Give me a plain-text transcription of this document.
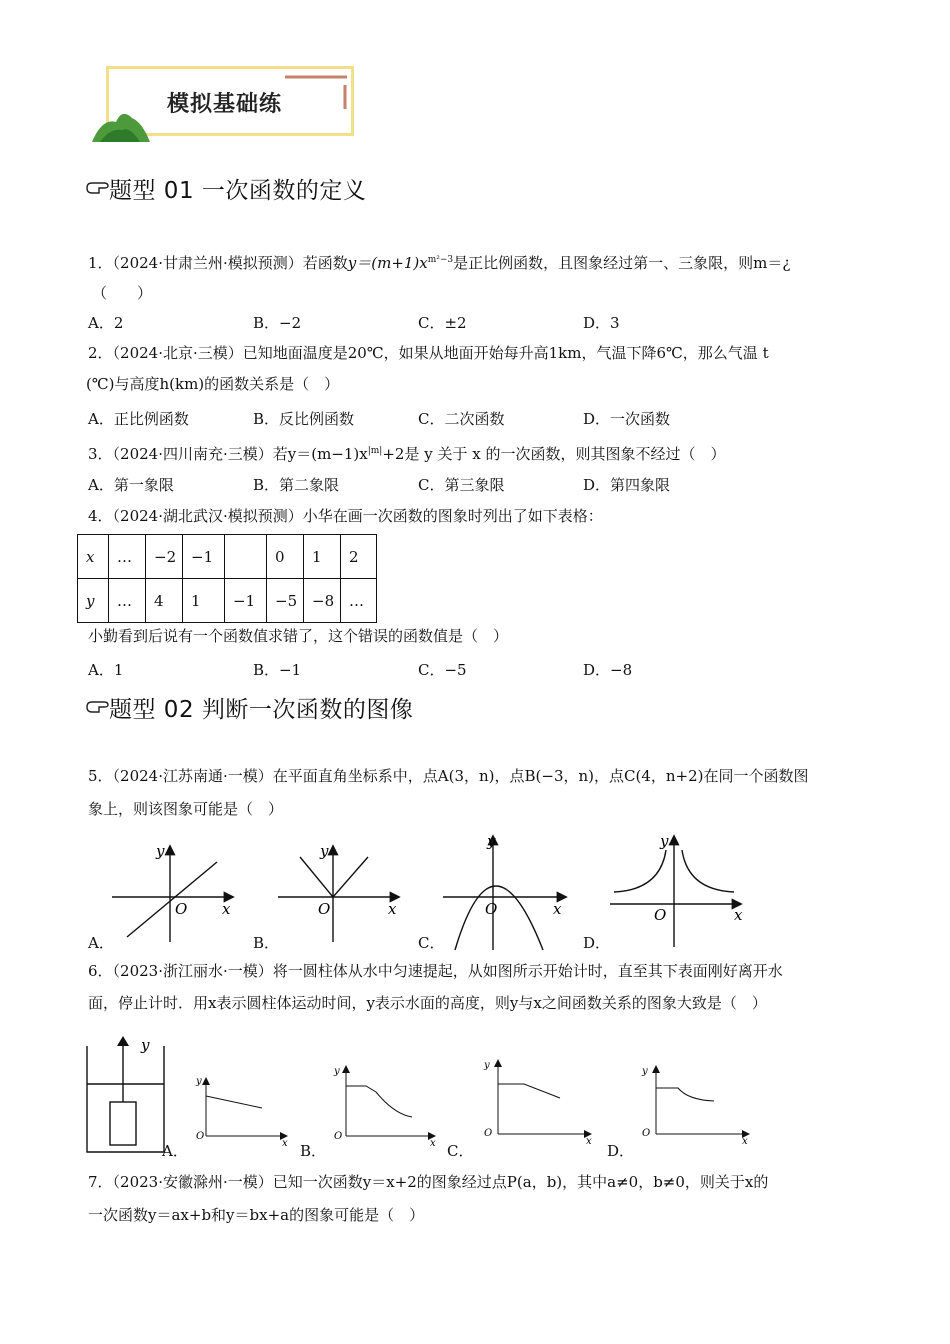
模拟基础练
题型 01 一次函数的定义
1．（2024·甘肃兰州·模拟预测）若函数$y=(m+1)x^{m^2-3}$是正比例函数，且图象经过第一、三象限，则m＝¿
（　　）
A．2	B．−2	C．±2	D．3
2．（2024·北京·三模）已知地面温度是20℃，如果从地面开始每升高1km，气温下降6℃，那么气温 t
(℃)与高度h(km)的函数关系是（　）
A．正比例函数	B．反比例函数	C．二次函数	D．一次函数
3．（2024·四川南充·三模）若$y=(m-1)x^{|m|}+2$是 y 关于 x 的一次函数，则其图象不经过（　）
A．第一象限	B．第二象限	C．第三象限	D．第四象限
4．（2024·湖北武汉·模拟预测）小华在画一次函数的图象时列出了如下表格：
x	…	−2	−1		0	1	2
y	…	4	1	−1	−5	−8	…
小勤看到后说有一个函数值求错了，这个错误的函数值是（　）
A．1	B．−1	C．−5	D．−8
题型 02 判断一次函数的图像
5．（2024·江苏南通·一模）在平面直角坐标系中，点A(3，n)，点B(−3，n)，点C(4，n+2)在同一个函数图
象上，则该图象可能是（　）
y
O x
A．
y
O	x
B．
y
O	x
C．
y
O	x
D．
6．（2023·浙江丽水·一模）将一圆柱体从水中匀速提起，从如图所示开始计时，直至其下表面刚好离开水
面，停止计时．用x表示圆柱体运动时间，y表示水面的高度，则y与x之间函数关系的图象大致是（　）
y
y
O
x
A．
y
O
x
B．
y
O
x
C．
y
O
x
D．
7．（2023·安徽滁州·一模）已知一次函数y＝x+2的图象经过点P(a，b)，其中a≠0，b≠0，则关于x的
一次函数y＝ax+b和y＝bx+a的图象可能是（　）
